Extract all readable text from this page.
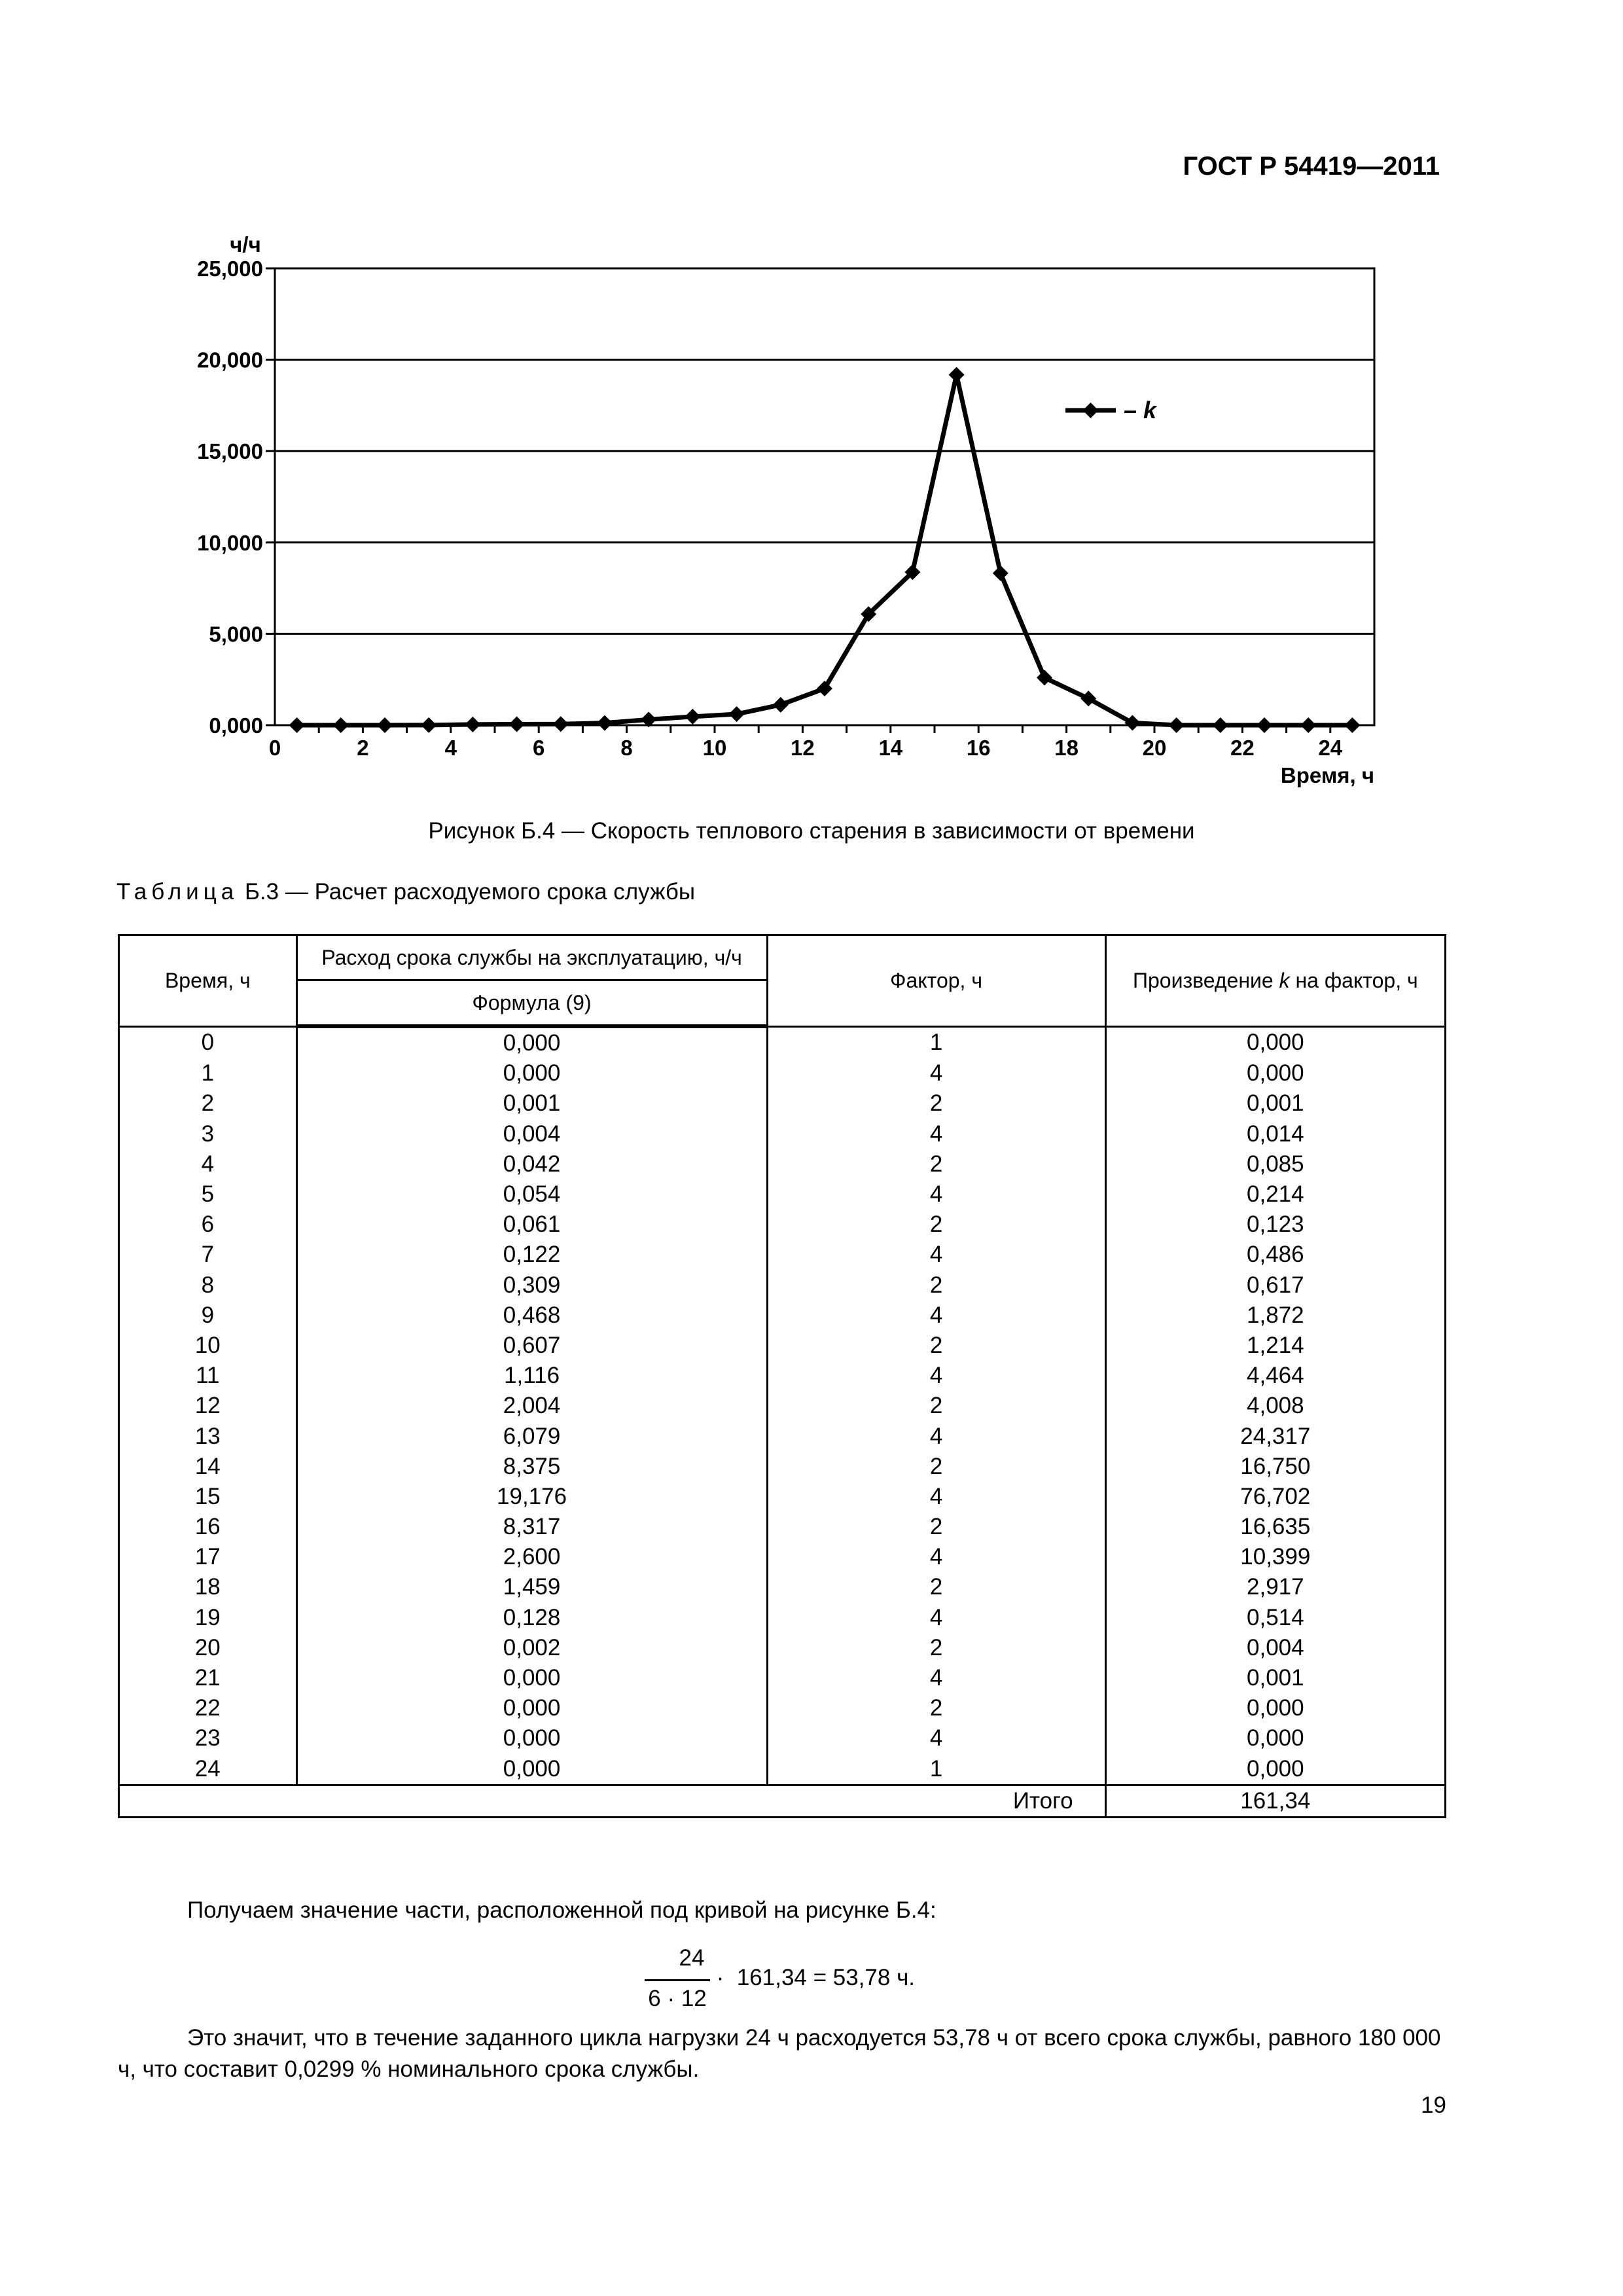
ГОСТ Р 54419—2011
0,000
5,000
10,000
15,000
20,000
25,000
0	2	4	6	8	10	12	14	16	18	20	22	24
ч/ч
Время, ч
– k
Рисунок Б.4 — Скорость теплового старения в зависимости от времени
Таблица Б.3 — Расчет расходуемого срока службы
Время, ч	Расход срока службы на эксплуатацию, ч/ч	Фактор, ч	Произведение k на фактор, ч
	Формула (9)		
0	0,000	1	0,000
1	0,000	4	0,000
2	0,001	2	0,001
3	0,004	4	0,014
4	0,042	2	0,085
5	0,054	4	0,214
6	0,061	2	0,123
7	0,122	4	0,486
8	0,309	2	0,617
9	0,468	4	1,872
10	0,607	2	1,214
11	1,116	4	4,464
12	2,004	2	4,008
13	6,079	4	24,317
14	8,375	2	16,750
15	19,176	4	76,702
16	8,317	2	16,635
17	2,600	4	10,399
18	1,459	2	2,917
19	0,128	4	0,514
20	0,002	2	0,004
21	0,000	4	0,001
22	0,000	2	0,000
23	0,000	4	0,000
24	0,000	1	0,000
Итого			161,34
Получаем значение части, расположенной под кривой на рисунке Б.4:
24
6 · 12
·  161,34 = 53,78 ч.
Это значит, что в течение заданного цикла нагрузки 24 ч расходуется 53,78 ч от всего срока службы, равного 180 000 ч, что составит 0,0299 % номинального срока службы.
19
